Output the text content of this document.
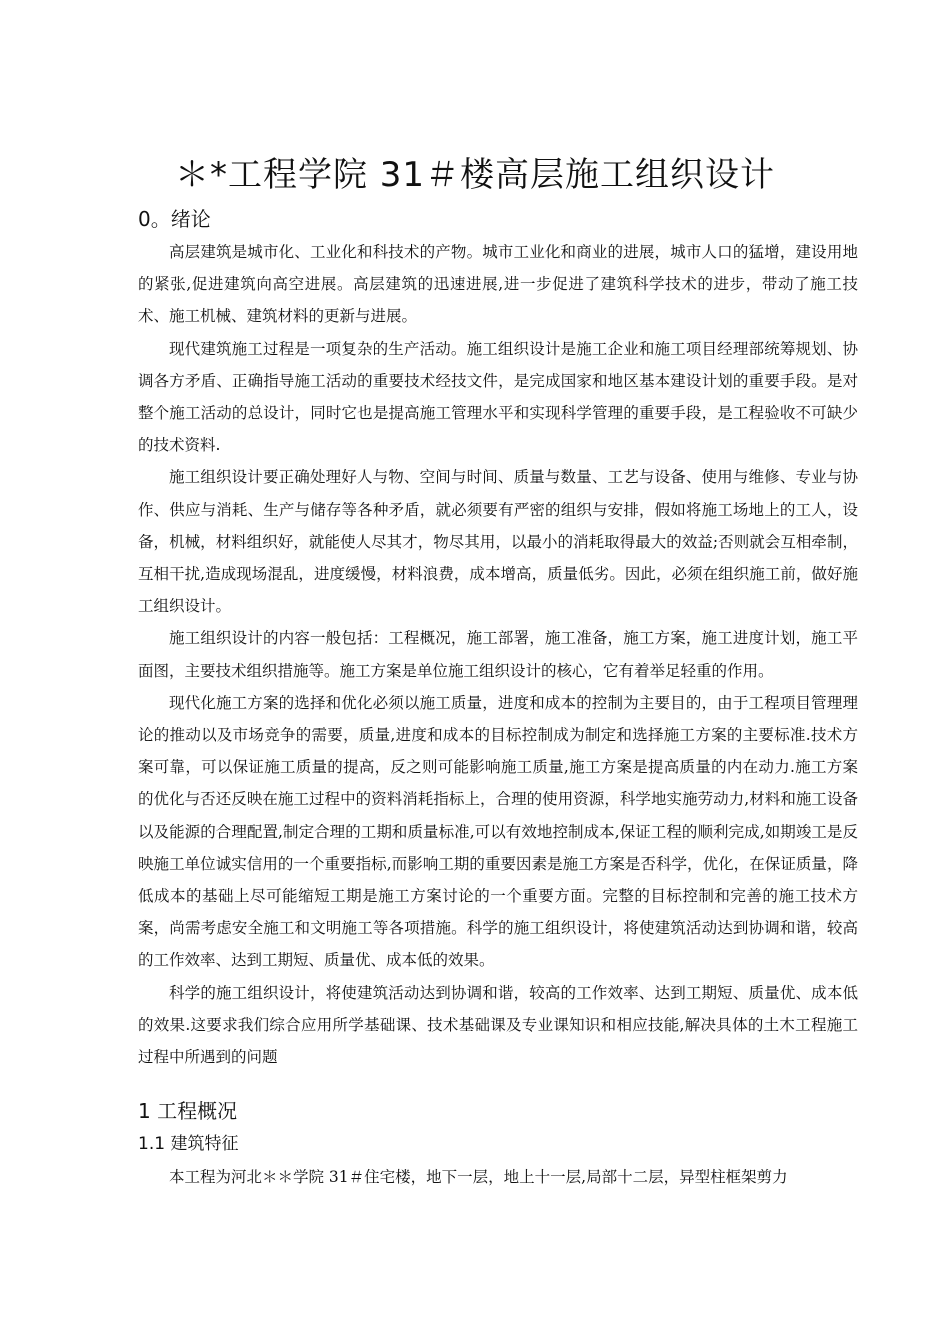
＊*工程学院 31＃楼高层施工组织设计
0。绪论

高层建筑是城市化、工业化和科技术的产物。城市工业化和商业的进展，城市人口的猛增，建设用地的紧张,促进建筑向高空进展。高层建筑的迅速进展,进一步促进了建筑科学技术的进步，带动了施工技术、施工机械、建筑材料的更新与进展。

现代建筑施工过程是一项复杂的生产活动。施工组织设计是施工企业和施工项目经理部统筹规划、协调各方矛盾、正确指导施工活动的重要技术经技文件，是完成国家和地区基本建设计划的重要手段。是对整个施工活动的总设计，同时它也是提高施工管理水平和实现科学管理的重要手段，是工程验收不可缺少的技术资料.

施工组织设计要正确处理好人与物、空间与时间、质量与数量、工艺与设备、使用与维修、专业与协作、供应与消耗、生产与储存等各种矛盾，就必须要有严密的组织与安排，假如将施工场地上的工人，设备，机械，材料组织好，就能使人尽其才，物尽其用，以最小的消耗取得最大的效益;否则就会互相牵制，互相干扰,造成现场混乱，进度缓慢，材料浪费，成本增高，质量低劣。因此，必须在组织施工前，做好施工组织设计。

施工组织设计的内容一般包括：工程概况，施工部署，施工准备，施工方案，施工进度计划，施工平面图，主要技术组织措施等。施工方案是单位施工组织设计的核心，它有着举足轻重的作用。

现代化施工方案的选择和优化必须以施工质量，进度和成本的控制为主要目的，由于工程项目管理理论的推动以及市场竞争的需要，质量,进度和成本的目标控制成为制定和选择施工方案的主要标准.技术方案可靠，可以保证施工质量的提高，反之则可能影响施工质量,施工方案是提高质量的内在动力.施工方案的优化与否还反映在施工过程中的资料消耗指标上，合理的使用资源，科学地实施劳动力,材料和施工设备以及能源的合理配置,制定合理的工期和质量标准,可以有效地控制成本,保证工程的顺利完成,如期竣工是反映施工单位诚实信用的一个重要指标,而影响工期的重要因素是施工方案是否科学，优化，在保证质量，降低成本的基础上尽可能缩短工期是施工方案讨论的一个重要方面。完整的目标控制和完善的施工技术方案，尚需考虑安全施工和文明施工等各项措施。科学的施工组织设计，将使建筑活动达到协调和谐，较高的工作效率、达到工期短、质量优、成本低的效果。

科学的施工组织设计，将使建筑活动达到协调和谐，较高的工作效率、达到工期短、质量优、成本低的效果.这要求我们综合应用所学基础课、技术基础课及专业课知识和相应技能,解决具体的土木工程施工过程中所遇到的问题

1 工程概况
1.1 建筑特征

本工程为河北＊＊学院 31＃住宅楼，地下一层，地上十一层,局部十二层，异型柱框架剪力
